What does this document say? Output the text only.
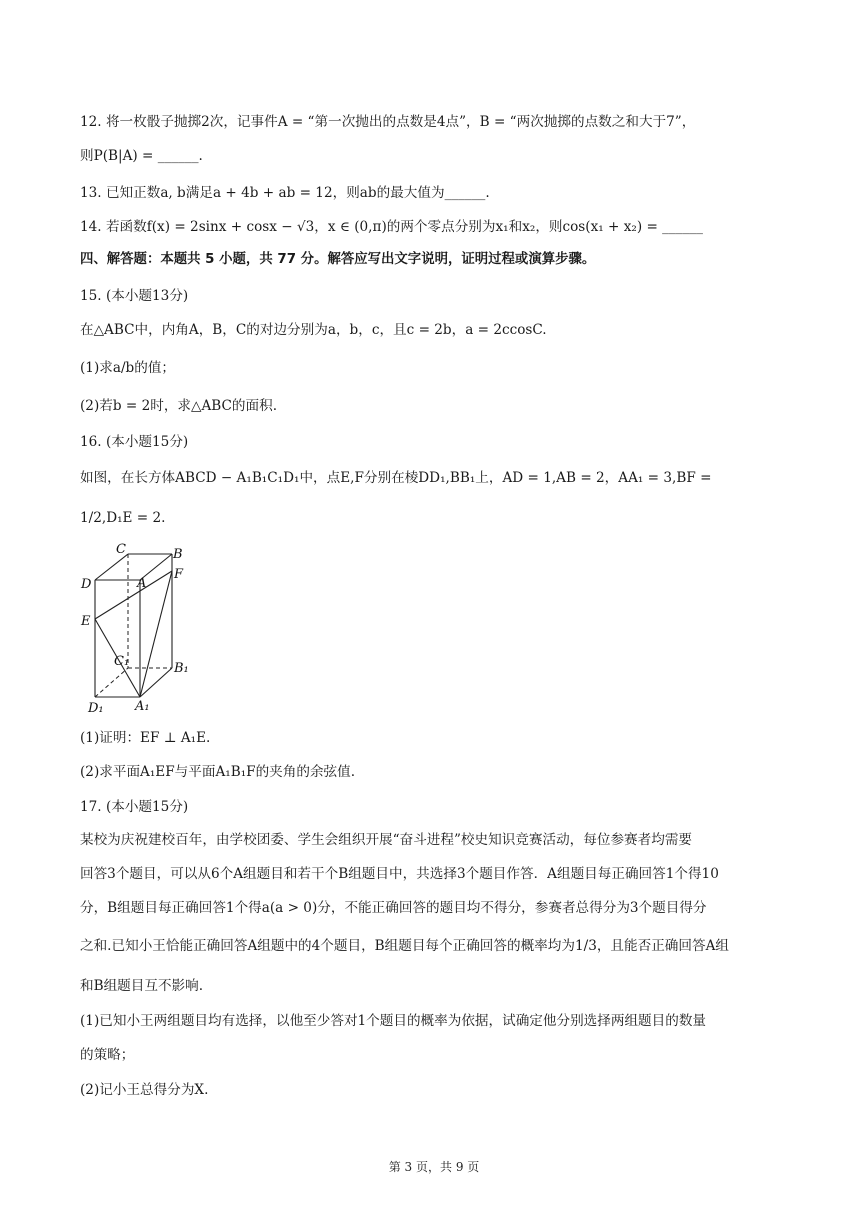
12. 将一枚骰子抛掷2次，记事件A = “第一次抛出的点数是4点”，B = “两次抛掷的点数之和大于7”，
则P(B|A) = ______.
13. 已知正数a, b满足a + 4b + ab = 12，则ab的最大值为______.
14. 若函数f(x) = 2sinx + cosx − √3，x ∈ (0,π)的两个零点分别为x₁和x₂，则cos(x₁ + x₂) = ______
四、解答题：本题共 5 小题，共 77 分。解答应写出文字说明，证明过程或演算步骤。
15. (本小题13分)
在△ABC中，内角A，B，C的对边分别为a，b，c，且c = 2b，a = 2ccosC.
(1)求a/b的值；
(2)若b = 2时，求△ABC的面积.
16. (本小题15分)
如图，在长方体ABCD − A₁B₁C₁D₁中，点E,F分别在棱DD₁,BB₁上，AD = 1,AB = 2，AA₁ = 3,BF =
1/2,D₁E = 2.
C	B
D	A
F
E
C₁	B₁
D₁ A₁
(1)证明：EF ⊥ A₁E.
(2)求平面A₁EF与平面A₁B₁F的夹角的余弦值.
17. (本小题15分)
某校为庆祝建校百年，由学校团委、学生会组织开展“奋斗进程”校史知识竞赛活动，每位参赛者均需要
回答3个题目，可以从6个A组题目和若干个B组题目中，共选择3个题目作答．A组题目每正确回答1个得10
分，B组题目每正确回答1个得a(a > 0)分，不能正确回答的题目均不得分，参赛者总得分为3个题目得分
之和.已知小王恰能正确回答A组题中的4个题目，B组题目每个正确回答的概率均为1/3，且能否正确回答A组
和B组题目互不影响.
(1)已知小王两组题目均有选择，以他至少答对1个题目的概率为依据，试确定他分别选择两组题目的数量
的策略；
(2)记小王总得分为X.
第 3 页，共 9 页
